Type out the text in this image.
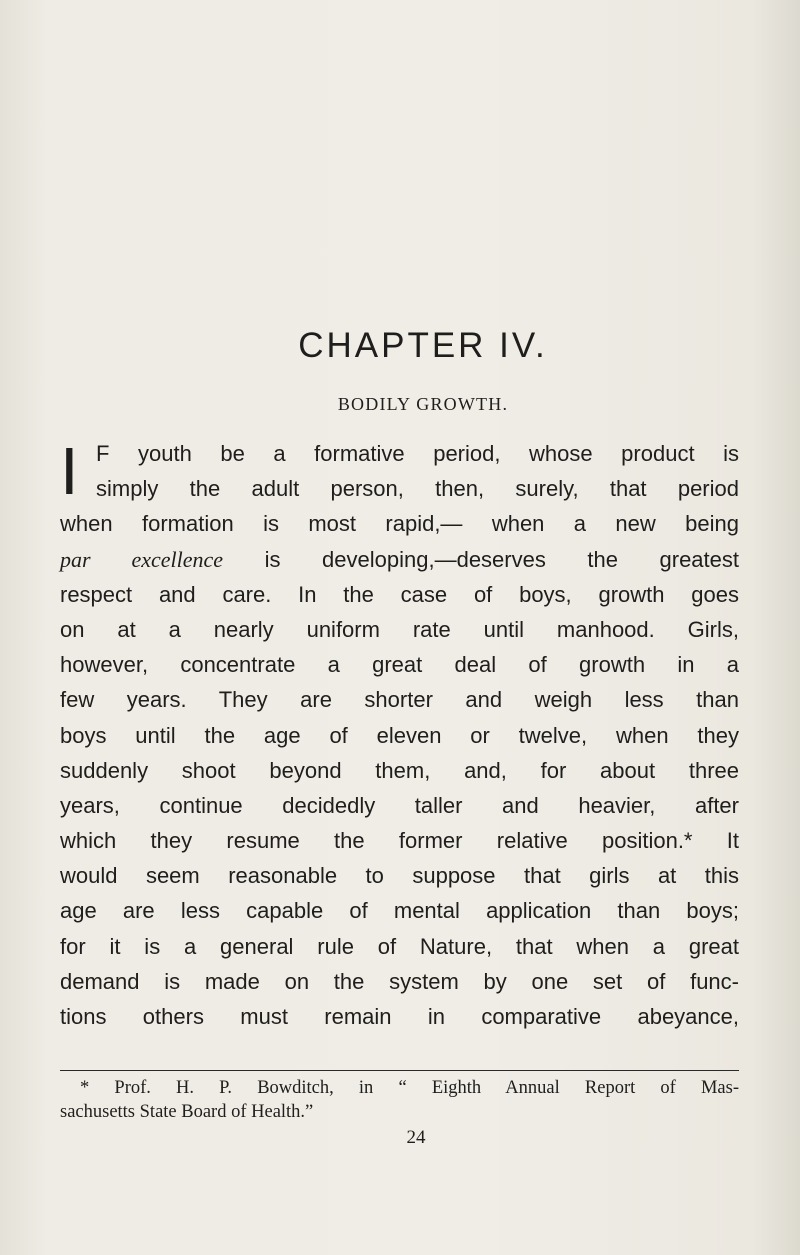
CHAPTER IV.
BODILY GROWTH.
I F youth be a formative period, whose product is
simply the adult person, then, surely, that period
when formation is most rapid,— when a new being
par excellence is developing,—deserves the greatest
respect and care. In the case of boys, growth goes
on at a nearly uniform rate until manhood. Girls,
however, concentrate a great deal of growth in a
few years. They are shorter and weigh less than
boys until the age of eleven or twelve, when they
suddenly shoot beyond them, and, for about three
years, continue decidedly taller and heavier, after
which they resume the former relative position.* It
would seem reasonable to suppose that girls at this
age are less capable of mental application than boys;
for it is a general rule of Nature, that when a great
demand is made on the system by one set of func-
tions others must remain in comparative abeyance,
* Prof. H. P. Bowditch, in “ Eighth Annual Report of Mas-
sachusetts State Board of Health.”
24
